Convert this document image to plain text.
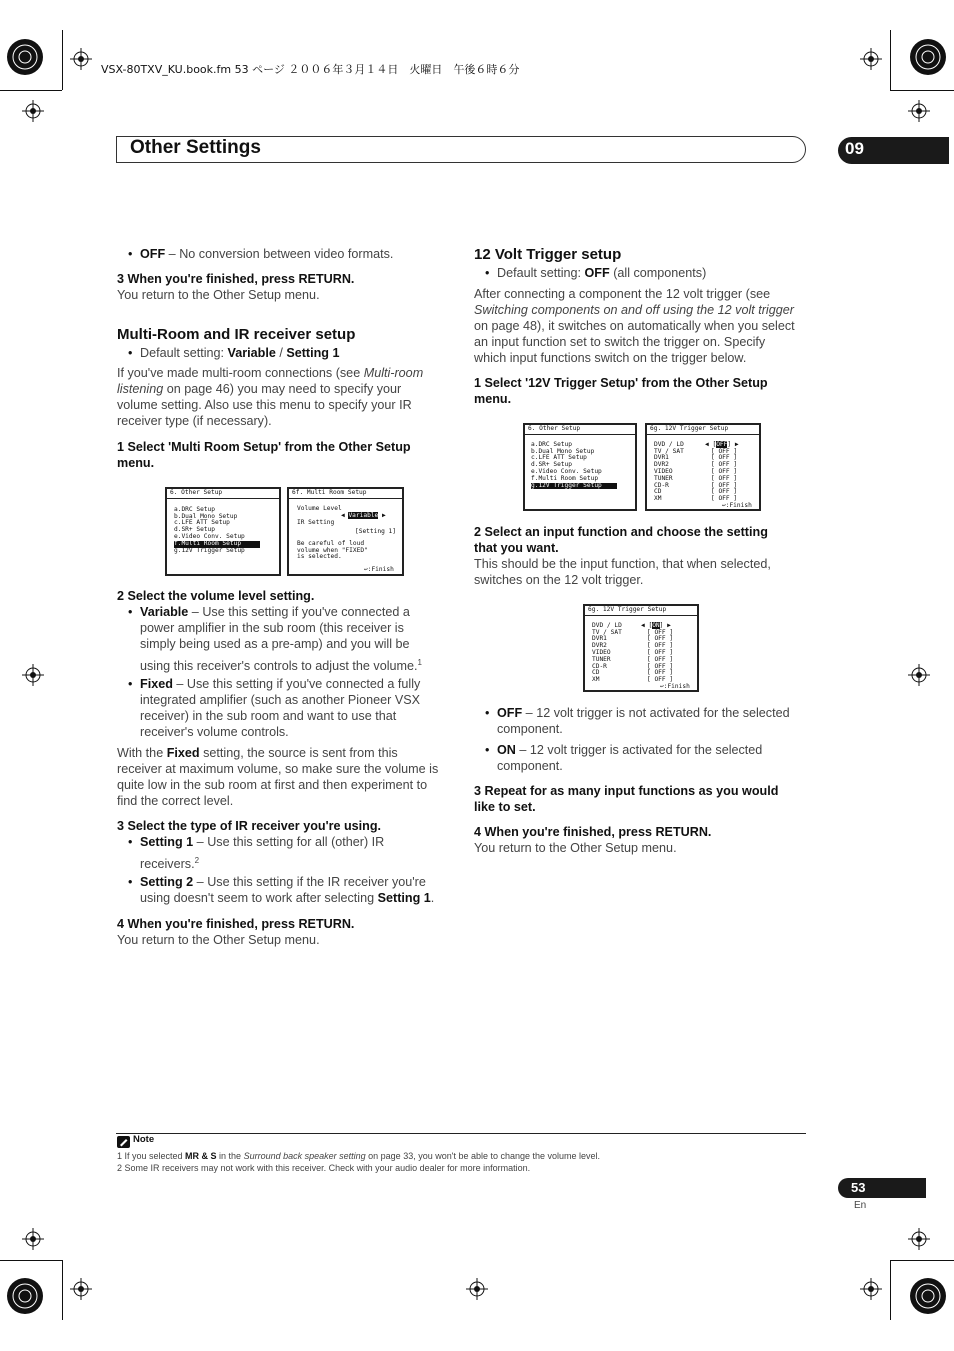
VSX-80TXV_KU.book.fm 53 ページ ２００６年３月１４日　火曜日　午後６時６分
Other Settings	09
• OFF – No conversion between video formats.
3 When you're finished, press RETURN.
You return to the Other Setup menu.
Multi-Room and IR receiver setup
• Default setting: Variable / Setting 1
If you've made multi-room connections (see Multi-room
listening on page 46) you may need to specify your
volume setting. Also use this menu to specify your IR
receiver type (if necessary).
1 Select 'Multi Room Setup' from the Other Setup
menu.
6. Other Setup
a.DRC Setup
b.Dual Mono Setup
c.LFE ATT Setup
d.SR+ Setup
e.Video Conv. Setup
f.Multi Room Setup
g.12V Trigger Setup
6f. Multi Room Setup
Volume Level
◀ Variable ▶
IR Setting
[Setting 1]
Be careful of loud
volume when "FIXED"
is selected.
↩:Finish
2 Select the volume level setting.
• Variable – Use this setting if you've connected a
power amplifier in the sub room (this receiver is
simply being used as a pre-amp) and you will be
using this receiver's controls to adjust the volume.$^1$
• Fixed – Use this setting if you've connected a fully
integrated amplifier (such as another Pioneer VSX
receiver) in the sub room and want to use that
receiver's volume controls.
With the Fixed setting, the source is sent from this
receiver at maximum volume, so make sure the volume is
quite low in the sub room at first and then experiment to
find the correct level.
3 Select the type of IR receiver you're using.
• Setting 1 – Use this setting for all (other) IR
receivers.$^2$
• Setting 2 – Use this setting if the IR receiver you're
using doesn't seem to work after selecting Setting 1.
4 When you're finished, press RETURN.
You return to the Other Setup menu.
12 Volt Trigger setup
• Default setting: OFF (all components)
After connecting a component the 12 volt trigger (see
Switching components on and off using the 12 volt trigger
on page 48), it switches on automatically when you select
an input function set to switch the trigger on. Specify
which input functions switch on the trigger below.
1 Select '12V Trigger Setup' from the Other Setup
menu.
6. Other Setup
a.DRC Setup
b.Dual Mono Setup
c.LFE ATT Setup
d.SR+ Setup
e.Video Conv. Setup
f.Multi Room Setup
g.12V Trigger Setup
6g. 12V Trigger Setup
DVD / LD
TV / SAT
DVR1
DVR2
VIDEO
TUNER
CD-R
CD
XM
◀ [OFF] ▶
[ OFF ]
[ OFF ]
[ OFF ]
[ OFF ]
[ OFF ]
[ OFF ]
[ OFF ]
[ OFF ]
↩:Finish
2 Select an input function and choose the setting
that you want.
This should be the input function, that when selected,
switches on the 12 volt trigger.
6g. 12V Trigger Setup
DVD / LD
TV / SAT
DVR1
DVR2
VIDEO
TUNER
CD-R
CD
XM
◀ [ON] ▶
[ OFF ]
[ OFF ]
[ OFF ]
[ OFF ]
[ OFF ]
[ OFF ]
[ OFF ]
[ OFF ]
↩:Finish
• OFF – 12 volt trigger is not activated for the selected
component.
• ON – 12 volt trigger is activated for the selected
component.
3 Repeat for as many input functions as you would
like to set.
4 When you're finished, press RETURN.
You return to the Other Setup menu.
Note
1 If you selected MR & S in the Surround back speaker setting on page 33, you won't be able to change the volume level.
2 Some IR receivers may not work with this receiver. Check with your audio dealer for more information.
53
En
